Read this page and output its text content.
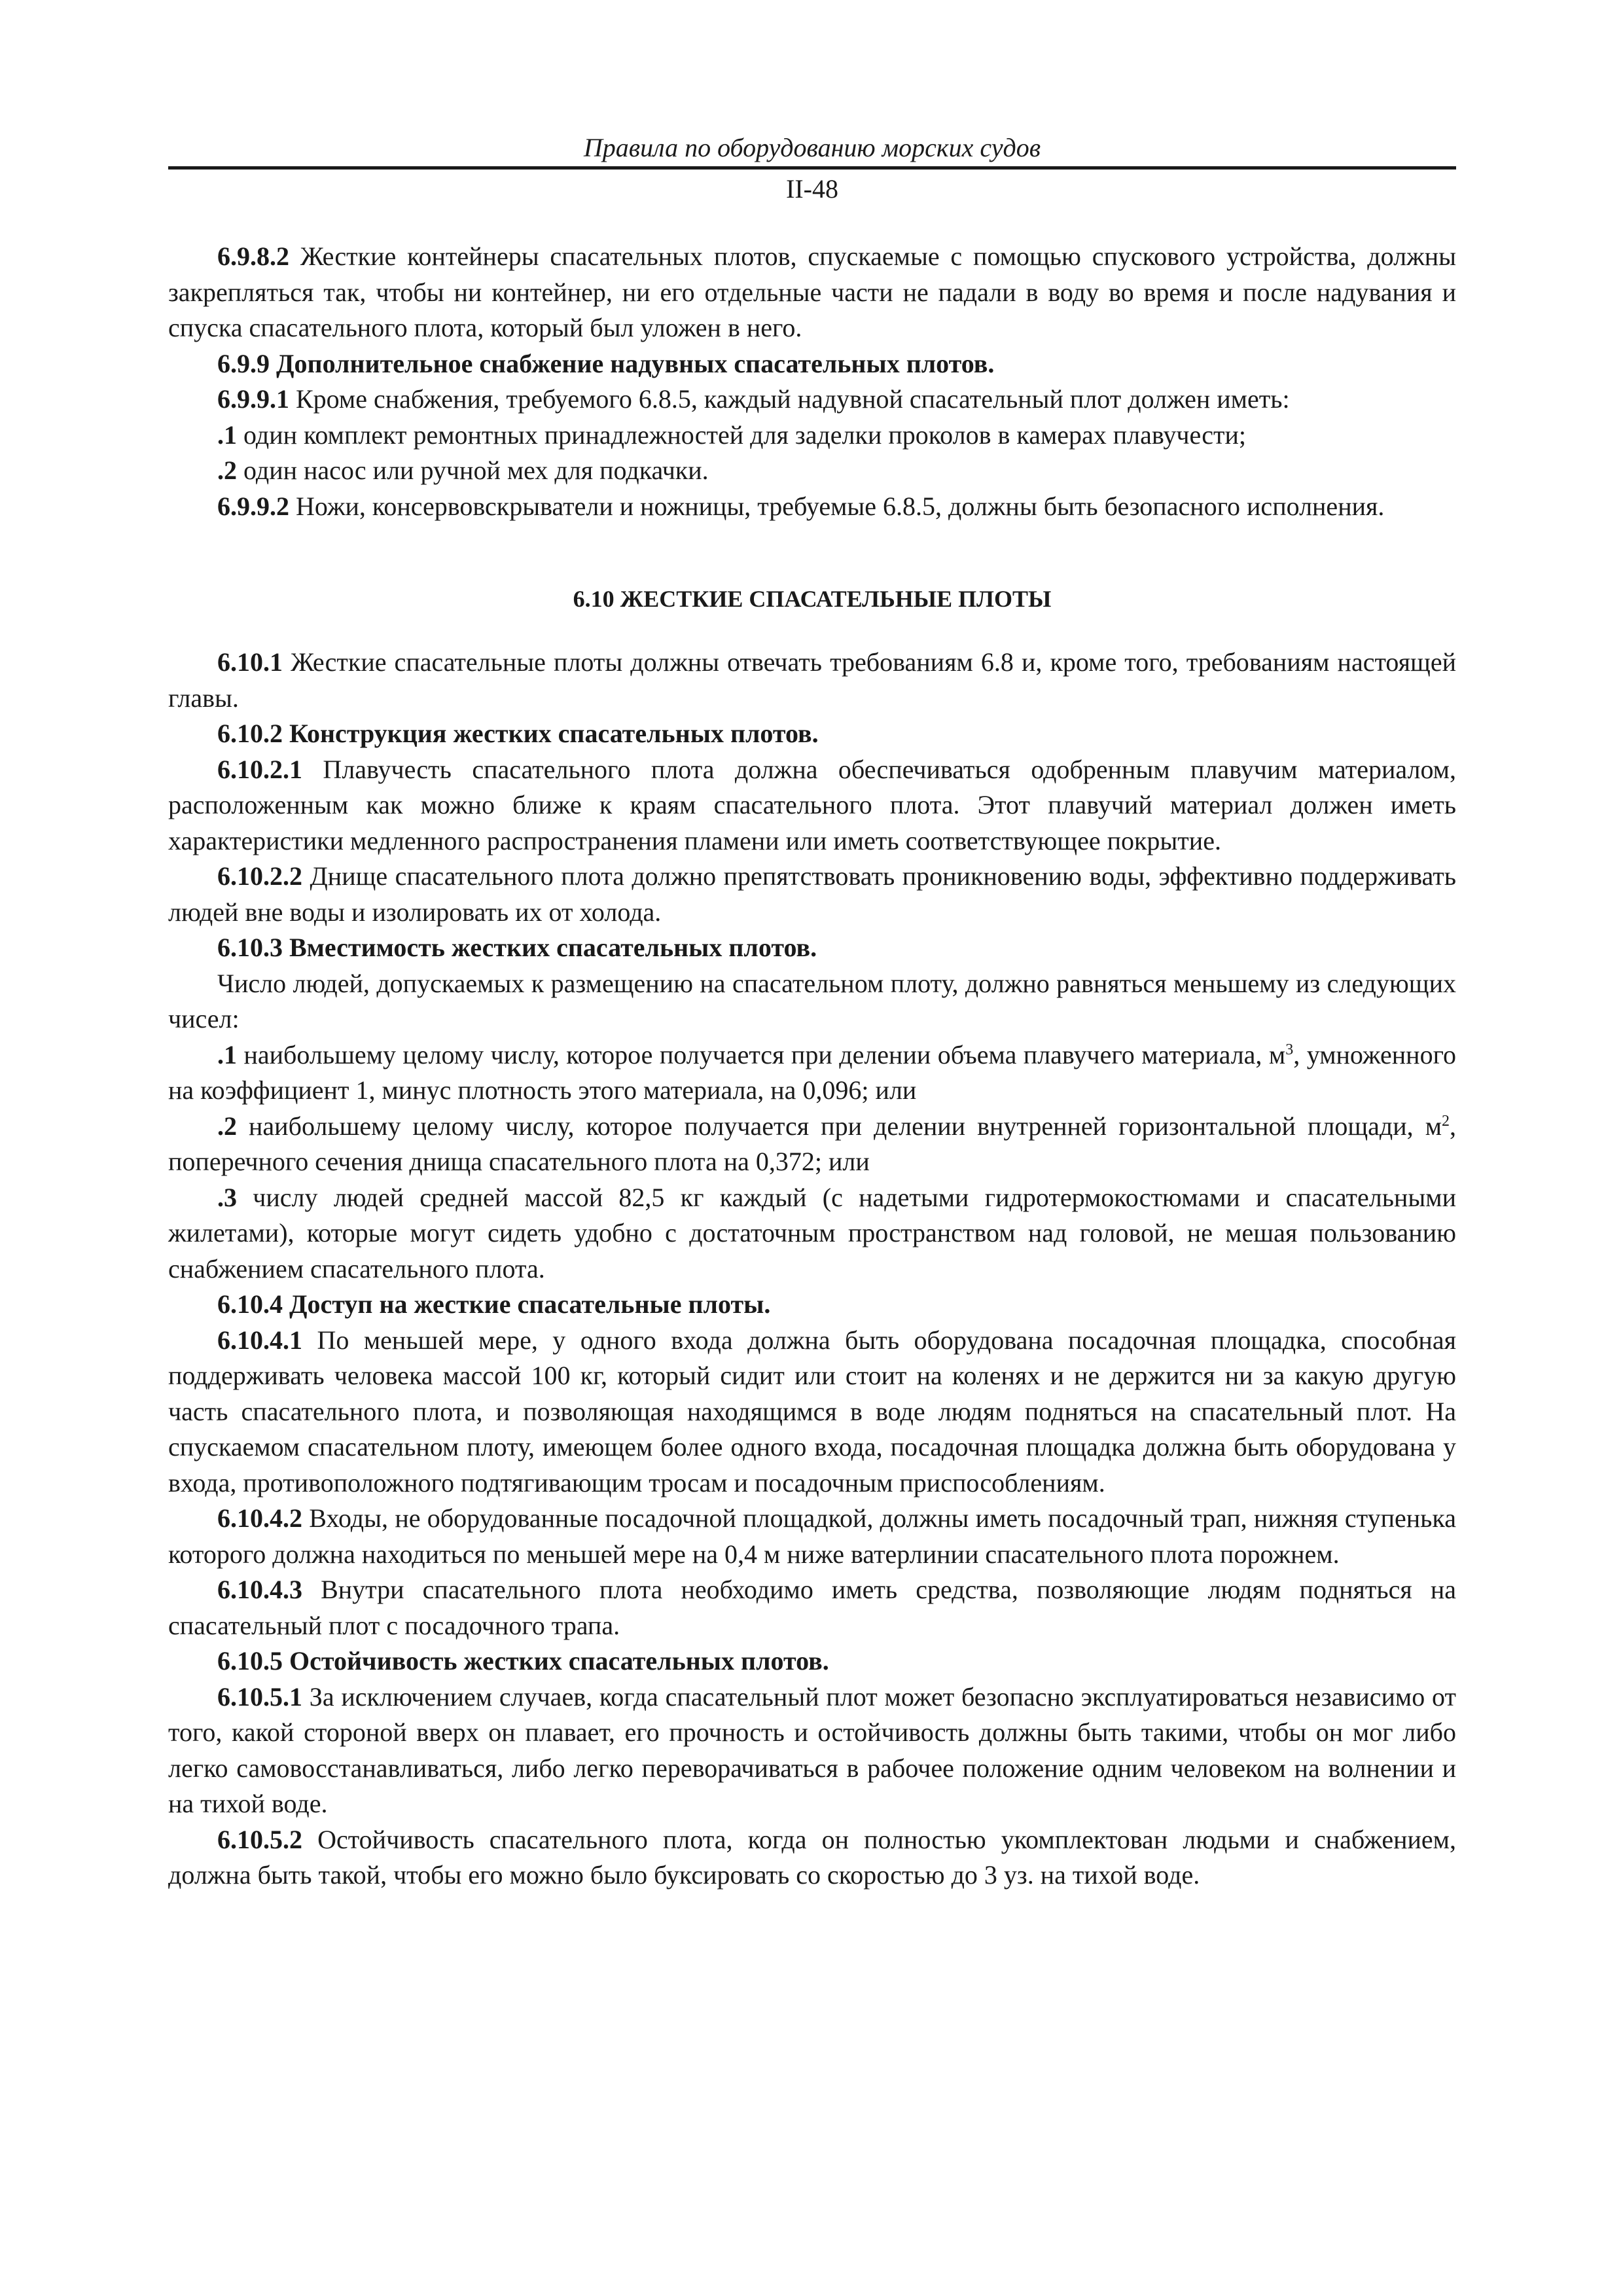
Правила по оборудованию морских судов

II-48

6.9.8.2 Жесткие контейнеры спасательных плотов, спускаемые с помощью спускового устройства, должны закрепляться так, чтобы ни контейнер, ни его отдельные части не падали в воду во время и после надувания и спуска спасательного плота, который был уложен в него.

6.9.9 Дополнительное снабжение надувных спасательных плотов.

6.9.9.1 Кроме снабжения, требуемого 6.8.5, каждый надувной спасательный плот должен иметь:

.1 один комплект ремонтных принадлежностей для заделки проколов в камерах плавучести;

.2 один насос или ручной мех для подкачки.

6.9.9.2 Ножи, консервовскрыватели и ножницы, требуемые 6.8.5, должны быть безопасного исполнения.

6.10 ЖЕСТКИЕ СПАСАТЕЛЬНЫЕ ПЛОТЫ

6.10.1 Жесткие спасательные плоты должны отвечать требованиям 6.8 и, кроме того, требованиям настоящей главы.

6.10.2 Конструкция жестких спасательных плотов.

6.10.2.1 Плавучесть спасательного плота должна обеспечиваться одобренным плавучим материалом, расположенным как можно ближе к краям спасательного плота. Этот плавучий материал должен иметь характеристики медленного распространения пламени или иметь соответствующее покрытие.

6.10.2.2 Днище спасательного плота должно препятствовать проникновению воды, эффективно поддерживать людей вне воды и изолировать их от холода.

6.10.3 Вместимость жестких спасательных плотов.

Число людей, допускаемых к размещению на спасательном плоту, должно равняться меньшему из следующих чисел:

.1 наибольшему целому числу, которое получается при делении объема плавучего материала, $м^3$, умноженного на коэффициент 1, минус плотность этого материала, на 0,096; или

.2 наибольшему целому числу, которое получается при делении внутренней горизонтальной площади, $м^2$, поперечного сечения днища спасательного плота на 0,372; или

.3 числу людей средней массой 82,5 кг каждый (с надетыми гидротермокостюмами и спасательными жилетами), которые могут сидеть удобно с достаточным пространством над головой, не мешая пользованию снабжением спасательного плота.

6.10.4 Доступ на жесткие спасательные плоты.

6.10.4.1 По меньшей мере, у одного входа должна быть оборудована посадочная площадка, способная поддерживать человека массой 100 кг, который сидит или стоит на коленях и не держится ни за какую другую часть спасательного плота, и позволяющая находящимся в воде людям подняться на спасательный плот. На спускаемом спасательном плоту, имеющем более одного входа, посадочная площадка должна быть оборудована у входа, противоположного подтягивающим тросам и посадочным приспособлениям.

6.10.4.2 Входы, не оборудованные посадочной площадкой, должны иметь посадочный трап, нижняя ступенька которого должна находиться по меньшей мере на 0,4 м ниже ватерлинии спасательного плота порожнем.

6.10.4.3 Внутри спасательного плота необходимо иметь средства, позволяющие людям подняться на спасательный плот с посадочного трапа.

6.10.5 Остойчивость жестких спасательных плотов.

6.10.5.1 За исключением случаев, когда спасательный плот может безопасно эксплуатироваться независимо от того, какой стороной вверх он плавает, его прочность и остойчивость должны быть такими, чтобы он мог либо легко самовосстанавливаться, либо легко переворачиваться в рабочее положение одним человеком на волнении и на тихой воде.

6.10.5.2 Остойчивость спасательного плота, когда он полностью укомплектован людьми и снабжением, должна быть такой, чтобы его можно было буксировать со скоростью до 3 уз. на тихой воде.
